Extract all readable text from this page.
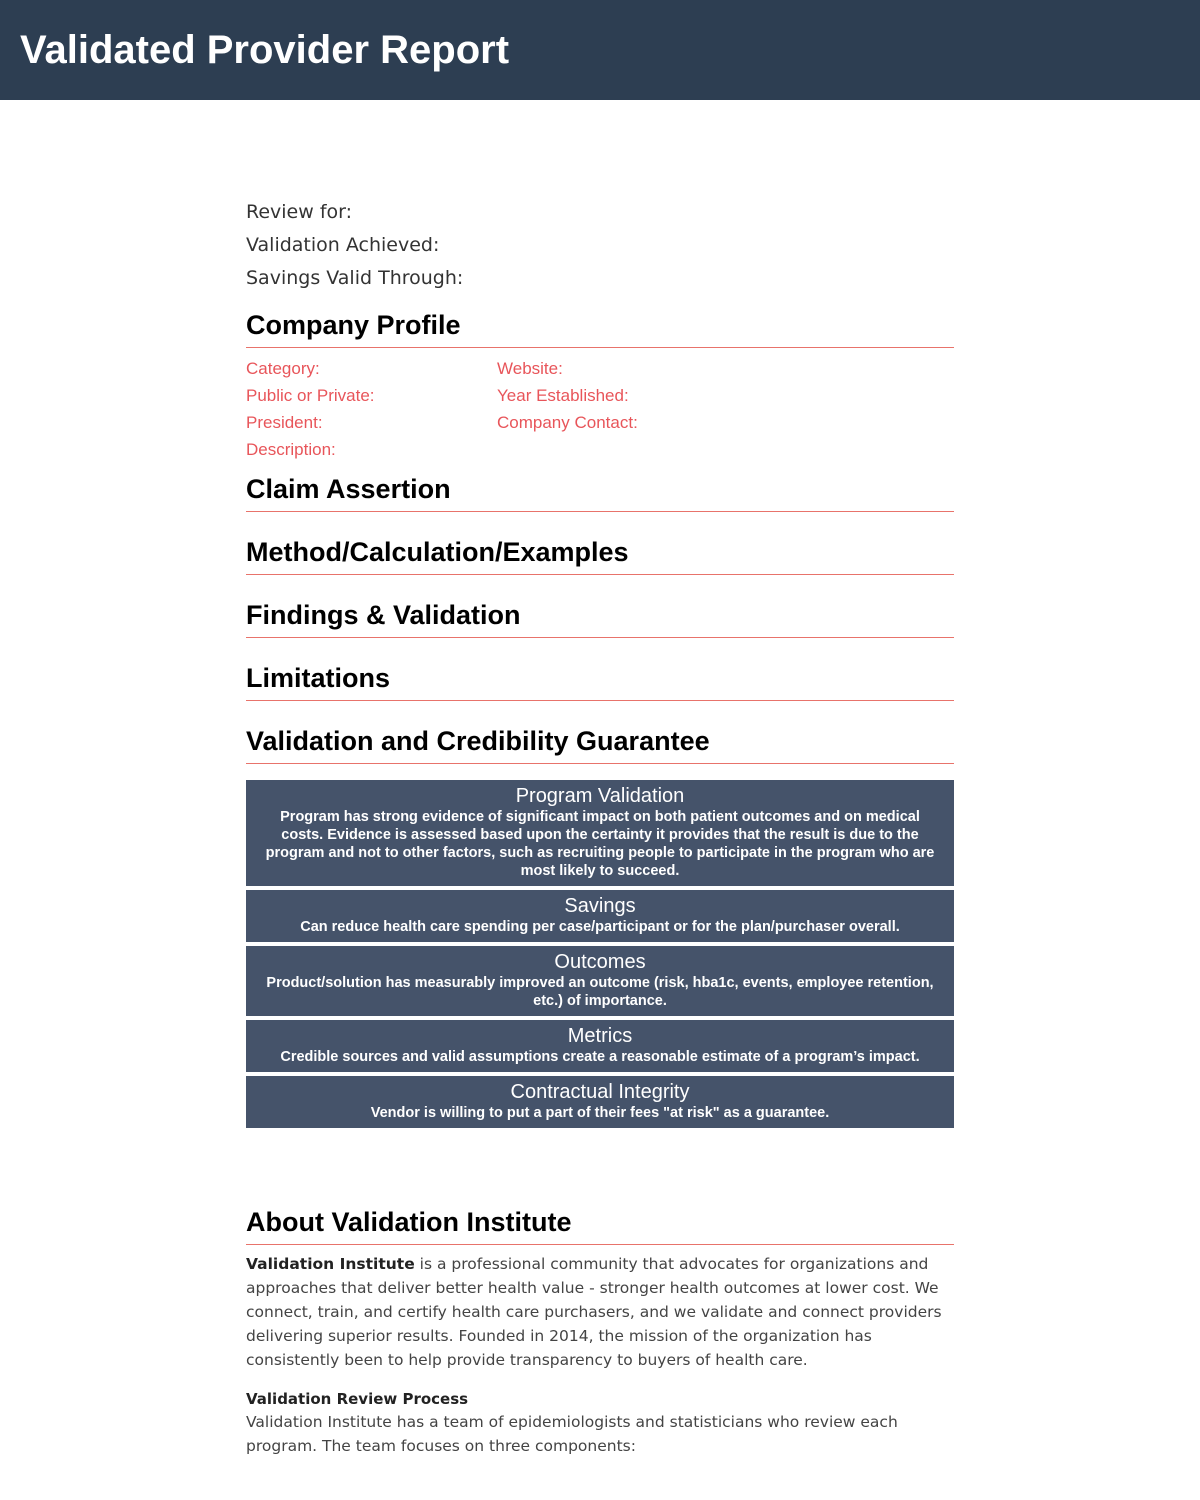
Validated Provider Report
Review for:
Validation Achieved:
Savings Valid Through:
Company Profile
Category:
Public or Private:
President:
Description:
Website:
Year Established:
Company Contact:
Claim Assertion
Method/Calculation/Examples
Findings & Validation
Limitations
Validation and Credibility Guarantee
Program Validation
Program has strong evidence of significant impact on both patient outcomes and on medical costs. Evidence is assessed based upon the certainty it provides that the result is due to the program and not to other factors, such as recruiting people to participate in the program who are most likely to succeed.
Savings
Can reduce health care spending per case/participant or for the plan/purchaser overall.
Outcomes
Product/solution has measurably improved an outcome (risk, hba1c, events, employee retention, etc.) of importance.
Metrics
Credible sources and valid assumptions create a reasonable estimate of a program’s impact.
Contractual Integrity
Vendor is willing to put a part of their fees "at risk" as a guarantee.
About Validation Institute
Validation Institute is a professional community that advocates for organizations and approaches that deliver better health value - stronger health outcomes at lower cost. We connect, train, and certify health care purchasers, and we validate and connect providers delivering superior results. Founded in 2014, the mission of the organization has consistently been to help provide transparency to buyers of health care.
Validation Review Process
Validation Institute has a team of epidemiologists and statisticians who review each program. The team focuses on three components:
